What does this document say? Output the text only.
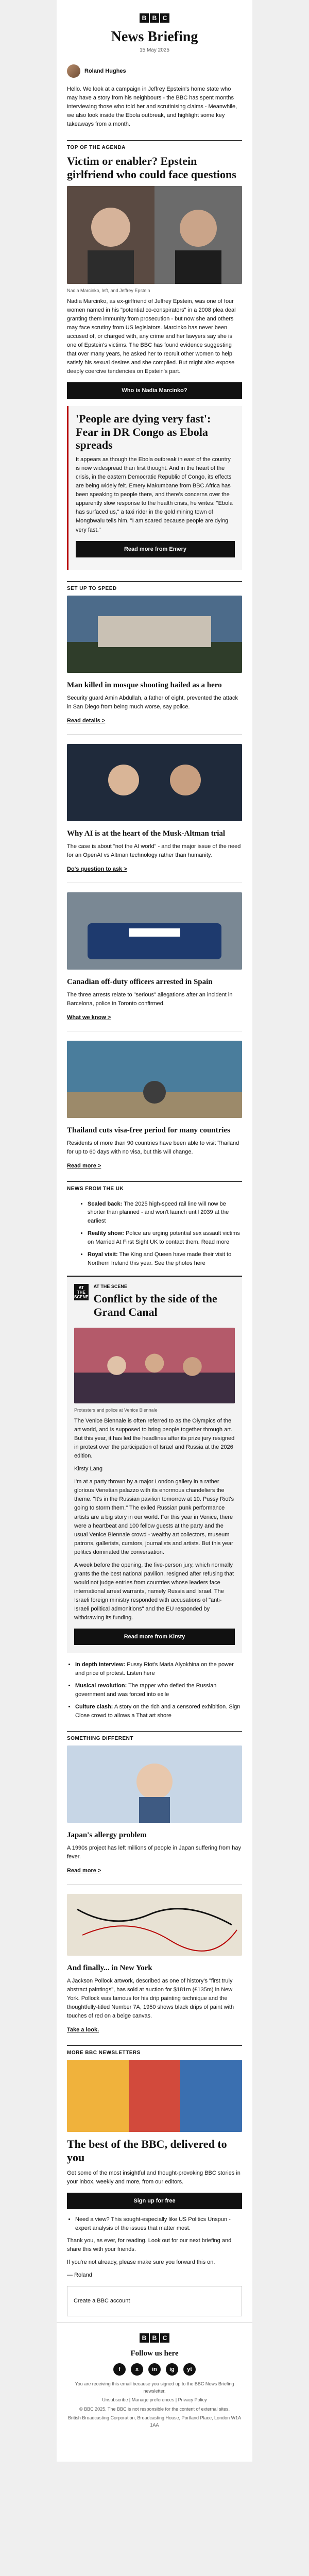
B B C
News Briefing
15 May 2025
Roland Hughes

Hello. We look at a campaign in Jeffrey Epstein's home state who may have a story from his neighbours - the BBC has spent months interviewing those who told her and scrutinising claims - Meanwhile, we also look inside the Ebola outbreak, and highlight some key takeaways from a month.

TOP OF THE AGENDA
Victim or enabler? Epstein girlfriend who could face questions
Nadia Marcinko, left, and Jeffrey Epstein

Nadia Marcinko, as ex-girlfriend of Jeffrey Epstein, was one of four women named in his "potential co-conspirators" in a 2008 plea deal granting them immunity from prosecution - but now she and others may face scrutiny from US legislators. Marcinko has never been accused of, or charged with, any crime and her lawyers say she is one of Epstein's victims. The BBC has found evidence suggesting that over many years, he asked her to recruit other women to help satisfy his sexual desires and she complied. But might also expose deeply coercive tendencies on Epstein's part.

Who is Nadia Marcinko?
'People are dying very fast': Fear in DR Congo as Ebola spreads

It appears as though the Ebola outbreak in east of the country is now widespread than first thought. And in the heart of the crisis, in the eastern Democratic Republic of Congo, its effects are being widely felt. Emery Makumbane from BBC Africa has been speaking to people there, and there's concerns over the apparently slow response to the health crisis, he writes: "Ebola has surfaced us," a taxi rider in the gold mining town of Mongbwalu tells him. "I am scared because people are dying very fast."

Read more from Emery
SET UP TO SPEED
Man killed in mosque shooting hailed as a hero

Security guard Amin Abdullah, a father of eight, prevented the attack in San Diego from being much worse, say police.

Read details >
Why AI is at the heart of the Musk-Altman trial

The case is about "not the AI world" - and the major issue of the need for an OpenAI vs Altman technology rather than humanity.

Do's question to ask >
Canadian off-duty officers arrested in Spain

The three arrests relate to "serious" allegations after an incident in Barcelona, police in Toronto confirmed.

What we know >
Thailand cuts visa-free period for many countries

Residents of more than 90 countries have been able to visit Thailand for up to 60 days with no visa, but this will change.

Read more >
NEWS FROM THE UK
• Scaled back: The 2025 high-speed rail line will now be shorter than planned - and won't launch until 2039 at the earliest
• Reality show: Police are urging potential sex assault victims on Married At First Sight UK to contact them. Read more
• Royal visit: The King and Queen have made their visit to Northern Ireland this year. See the photos here
AT THE SCENE
AT THE SCENE
Conflict by the side of the Grand Canal
Protesters and police at Venice Biennale

The Venice Biennale is often referred to as the Olympics of the art world, and is supposed to bring people together through art. But this year, it has led the headlines after its prize jury resigned in protest over the participation of Israel and Russia at the 2026 edition.

Kirsty Lang

I'm at a party thrown by a major London gallery in a rather glorious Venetian palazzo with its enormous chandeliers the theme. "It's in the Russian pavilion tomorrow at 10. Pussy Riot's going to storm them." The exiled Russian punk performance artists are a big story in our world. For this year in Venice, there were a heartbeat and 100 fellow guests at the party and the usual Venice Biennale crowd - wealthy art collectors, museum patrons, gallerists, curators, journalists and artists. But this year politics dominated the conversation.

A week before the opening, the five-person jury, which normally grants the the best national pavilion, resigned after refusing that would not judge entries from countries whose leaders face international arrest warrants, namely Russia and Israel. The Israeli foreign ministry responded with accusations of "anti-Israeli political admonitions" and the EU responded by withdrawing its funding.

Read more from Kirsty
• In depth interview: Pussy Riot's Maria Alyokhina on the power and price of protest. Listen here
• Musical revolution: The rapper who defied the Russian government and was forced into exile
• Culture clash: A story on the rich and a censored exhibition. Sign Close crowd to allows a That art shore
SOMETHING DIFFERENT
Japan's allergy problem

A 1990s project has left millions of people in Japan suffering from hay fever.

Read more >
And finally... in New York

A Jackson Pollock artwork, described as one of history's "first truly abstract paintings", has sold at auction for $181m (£135m) in New York. Pollock was famous for his drip painting technique and the thoughtfully-titled Number 7A, 1950 shows black drips of paint with touches of red on a beige canvas.

Take a look.
MORE BBC NEWSLETTERS
The best of the BBC, delivered to you

Get some of the most insightful and thought-provoking BBC stories in your inbox, weekly and more, from our editors.

Sign up for free
• Need a view? This sought-especially like US Politics Unspun - expert analysis of the issues that matter most.

Thank you, as ever, for reading. Look out for our next briefing and share this with your friends.

If you're not already, please make sure you forward this on.

— Roland

Create a BBC account

B B C
Follow us here
f	x	in	ig	yt
You are receiving this email because you signed up to the BBC News Briefing newsletter.
Unsubscribe | Manage preferences | Privacy Policy
© BBC 2025. The BBC is not responsible for the content of external sites.
British Broadcasting Corporation, Broadcasting House, Portland Place, London W1A 1AA
